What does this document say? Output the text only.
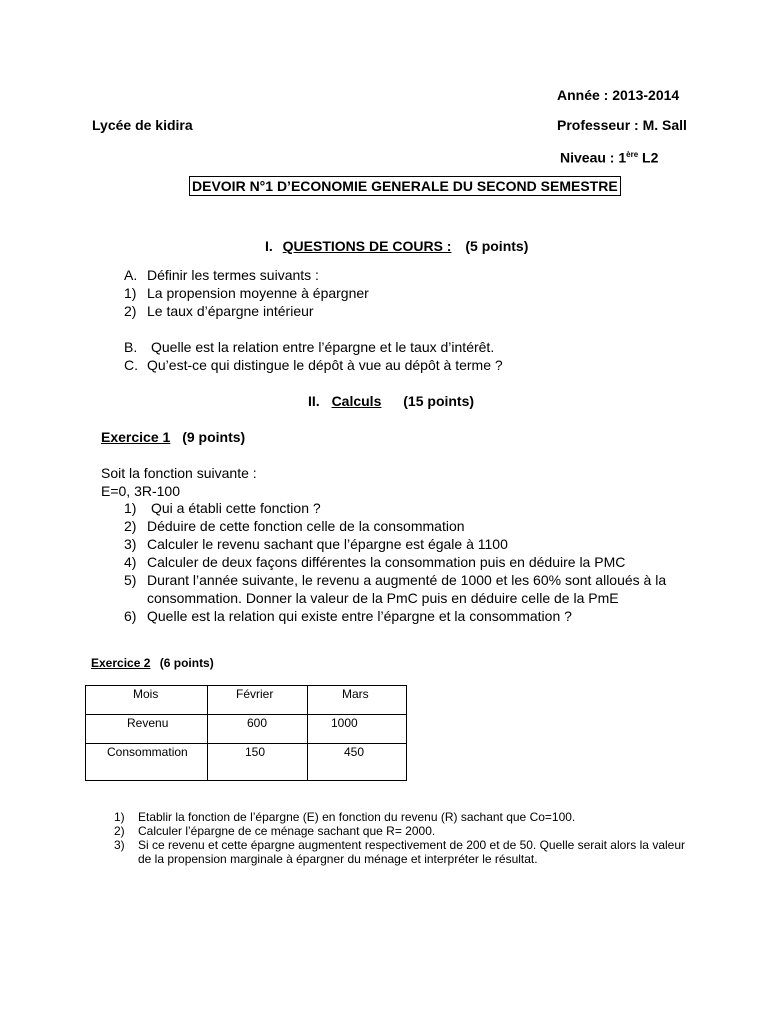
Année : 2013-2014
Lycée de kidira	Professeur : M. Sall
Niveau : 1ère L2
DEVOIR N°1 D’ECONOMIE GENERALE DU SECOND SEMESTRE
I. QUESTIONS DE COURS : (5 points)
A. Définir les termes suivants :
1) La propension moyenne à épargner
2) Le taux d’épargne intérieur
B. Quelle est la relation entre l’épargne et le taux d’intérêt.
C. Qu’est-ce qui distingue le dépôt à vue au dépôt à terme ?
II. Calculs (15 points)
Exercice 1 (9 points)
Soit la fonction suivante :
E=0, 3R-100
1) Qui a établi cette fonction ?
2) Déduire de cette fonction celle de la consommation
3) Calculer le revenu sachant que l’épargne est égale à 1100
4) Calculer de deux façons différentes la consommation puis en déduire la PMC
5) Durant l’année suivante, le revenu a augmenté de 1000 et les 60% sont alloués à la
consommation. Donner la valeur de la PmC puis en déduire celle de la PmE
6) Quelle est la relation qui existe entre l’épargne et la consommation ?
Exercice 2 (6 points)
Mois	Février	Mars

Revenu	600	1000

Consommation	150	450
1) Etablir la fonction de l’épargne (E) en fonction du revenu (R) sachant que Co=100.
2) Calculer l’épargne de ce ménage sachant que R= 2000.
3) Si ce revenu et cette épargne augmentent respectivement de 200 et de 50. Quelle serait alors la valeur
de la propension marginale à épargner du ménage et interpréter le résultat.
